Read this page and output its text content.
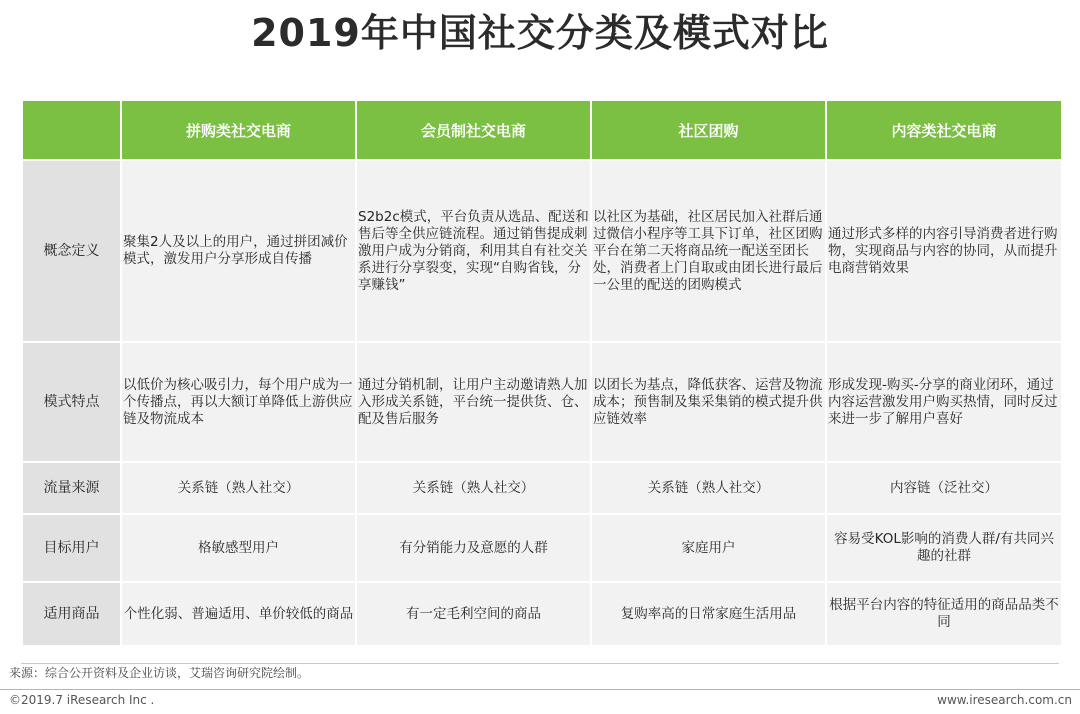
2019年中国社交分类及模式对比
	拼购类社交电商	会员制社交电商	社区团购	内容类社交电商
概念定义	聚集2人及以上的用户，通过拼团减价模式，激发用户分享形成自传播	S2b2c模式，平台负责从选品、配送和售后等全供应链流程。通过销售提成刺激用户成为分销商，利用其自有社交关系进行分享裂变，实现“自购省钱，分享赚钱”	以社区为基础，社区居民加入社群后通过微信小程序等工具下订单，社区团购平台在第二天将商品统一配送至团长处，消费者上门自取或由团长进行最后一公里的配送的团购模式	通过形式多样的内容引导消费者进行购物，实现商品与内容的协同，从而提升电商营销效果
模式特点	以低价为核心吸引力，每个用户成为一个传播点，再以大额订单降低上游供应链及物流成本	通过分销机制，让用户主动邀请熟人加入形成关系链，平台统一提供货、仓、配及售后服务	以团长为基点，降低获客、运营及物流成本；预售制及集采集销的模式提升供应链效率	形成发现-购买-分享的商业闭环，通过内容运营激发用户购买热情，同时反过来进一步了解用户喜好
流量来源	关系链（熟人社交）	关系链（熟人社交）	关系链（熟人社交）	内容链（泛社交）
目标用户	格敏感型用户	有分销能力及意愿的人群	家庭用户	容易受KOL影响的消费人群/有共同兴趣的社群
适用商品	个性化弱、普遍适用、单价较低的商品	有一定毛利空间的商品	复购率高的日常家庭生活用品	根据平台内容的特征适用的商品品类不同
来源：综合公开资料及企业访谈，艾瑞咨询研究院绘制。
©2019.7 iResearch Inc .	www.iresearch.com.cn
